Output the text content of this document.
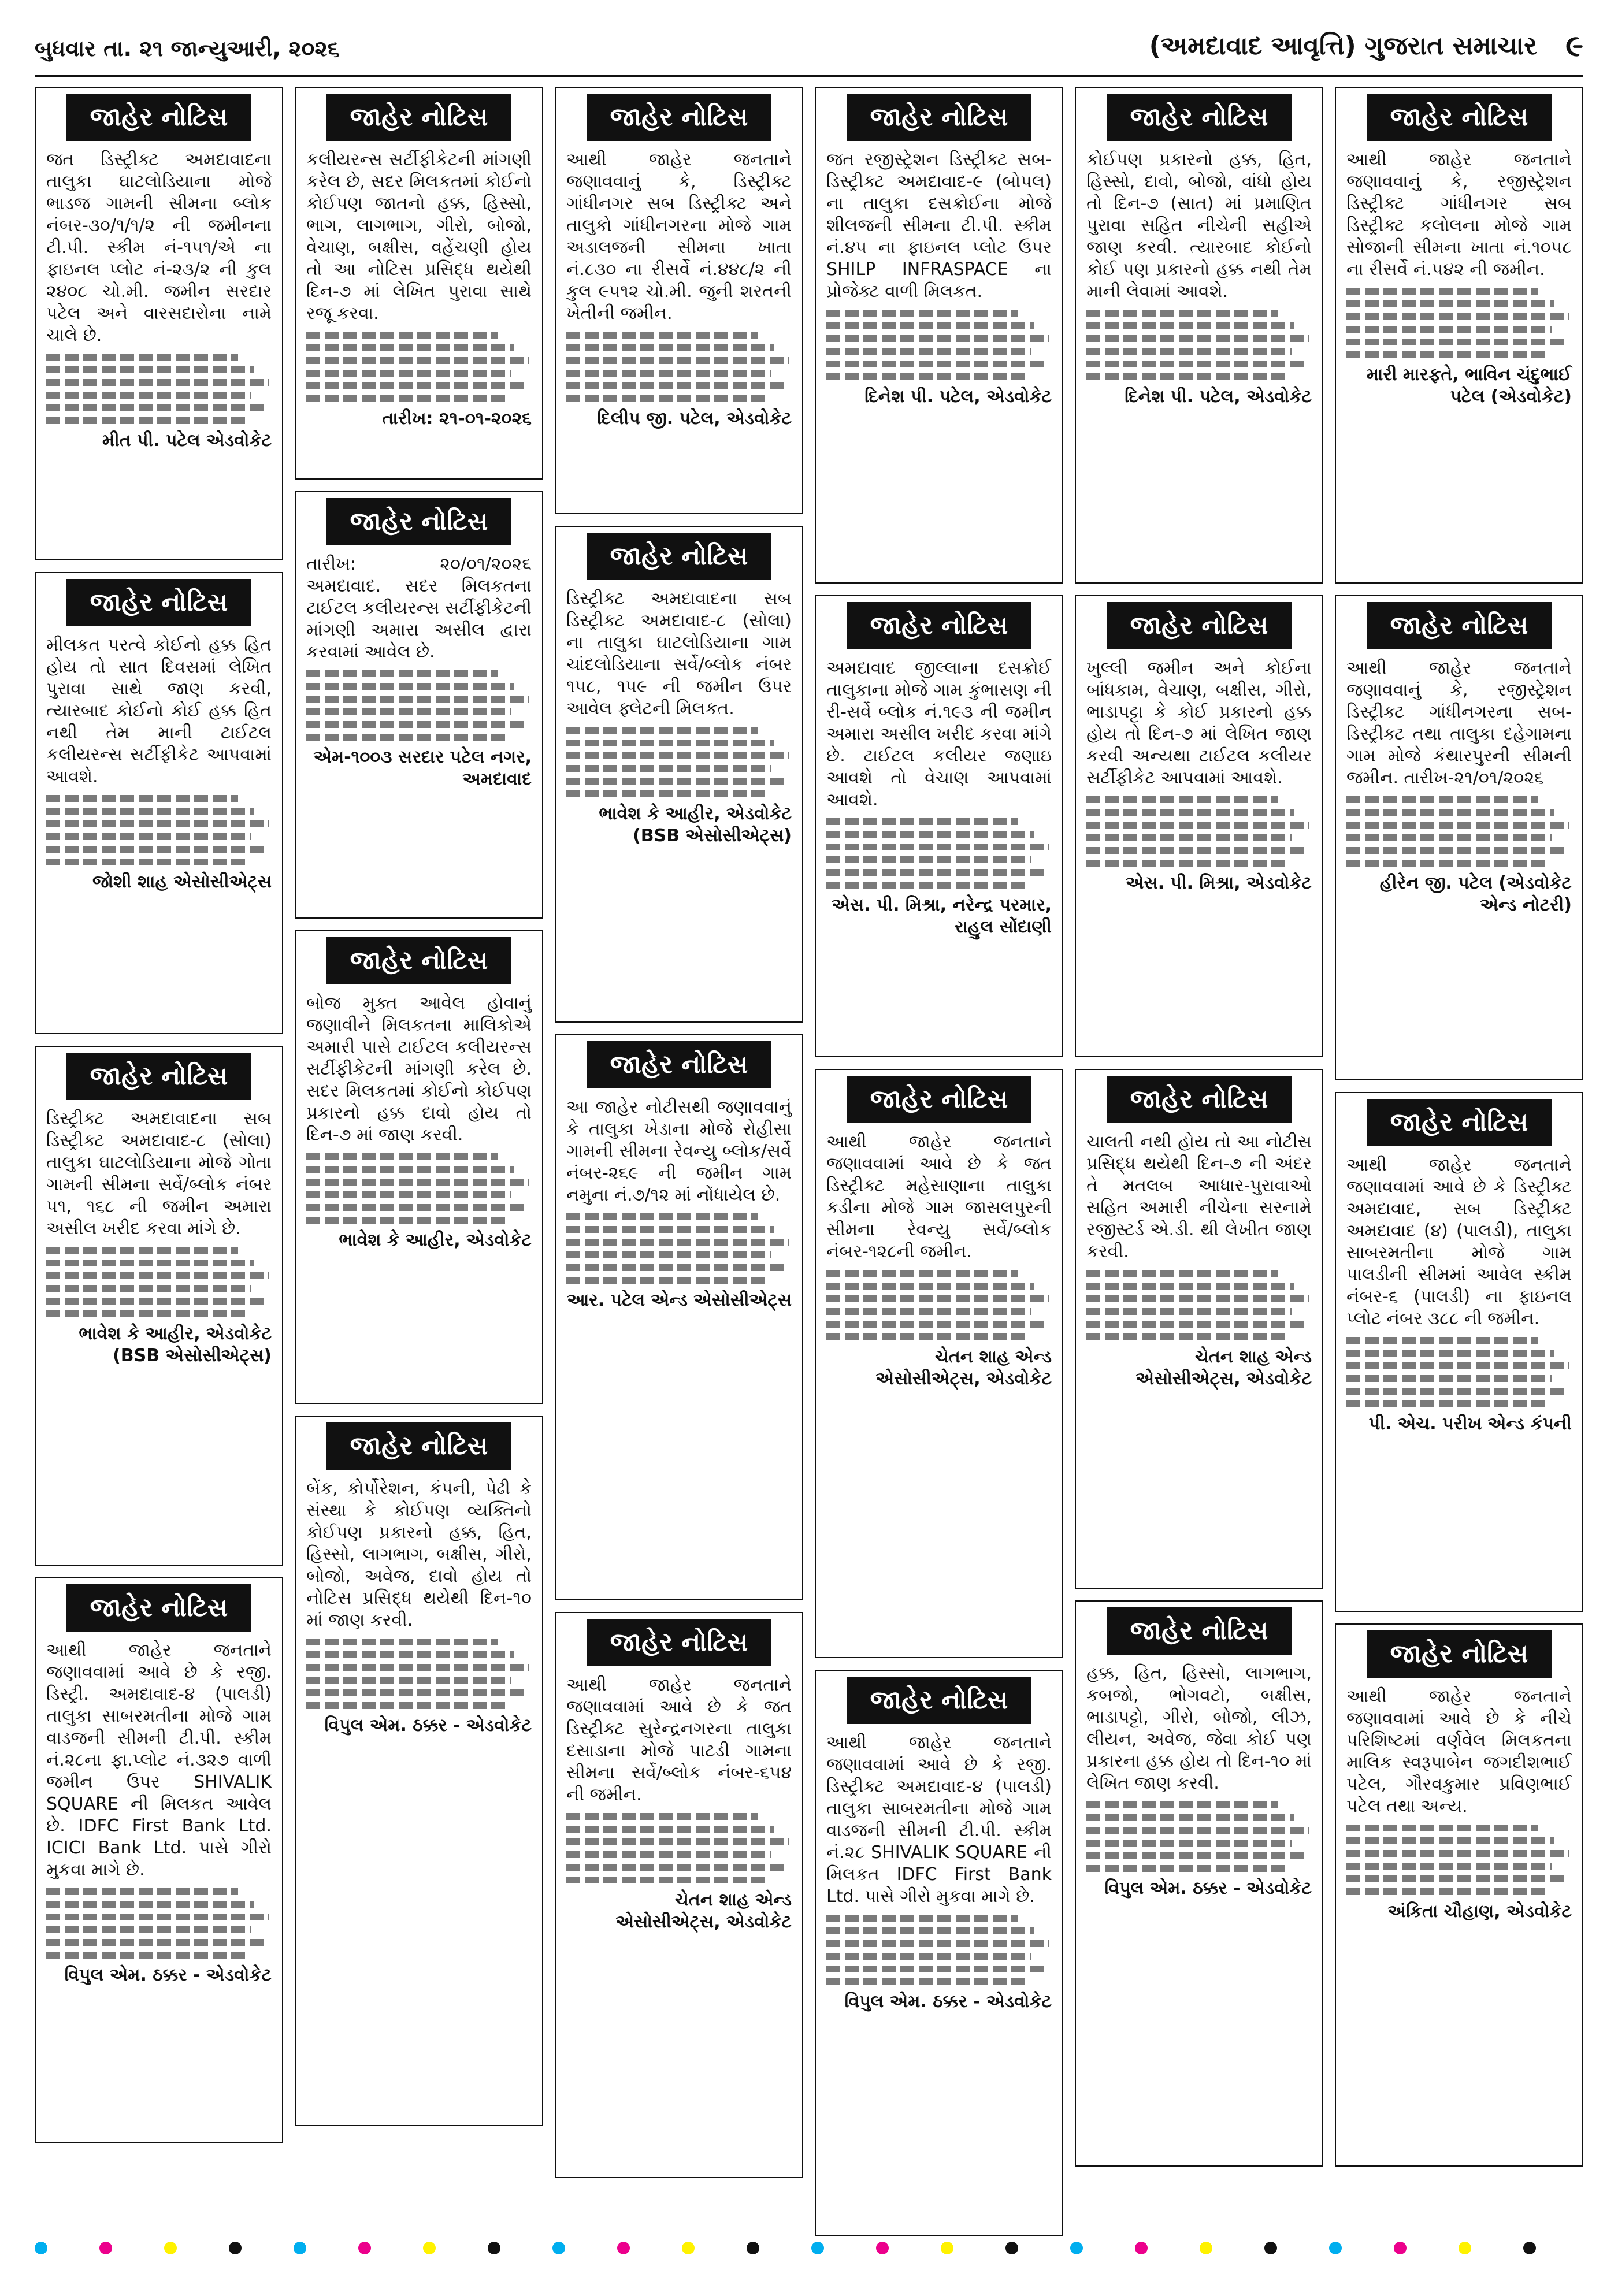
બુધવાર તા. ૨૧ જાન્યુઆરી, ૨૦૨૬	(અમદાવાદ આવૃત્તિ) ગુજરાત સમાચાર ૯
જાહેર નોટિસ

જત ડિસ્ટ્રીક્ટ અમદાવાદના તાલુકા ઘાટલોડિયાના મોજે ભાડજ ગામની સીમના બ્લોક નંબર-૩૦/૧/૧/૨ ની જમીનના ટી.પી. સ્કીમ નં-૧૫૧/એ ના ફાઇનલ પ્લોટ નં-૨૩/૨ ની કુલ ૨૪૦૮ ચો.મી. જમીન સરદાર પટેલ અને વારસદારોના નામે ચાલે છે.

મીત પી. પટેલ એડવોકેટ
જાહેર નોટિસ

મીલકત પરત્વે કોઈનો હક્ક હિત હોય તો સાત દિવસમાં લેખિત પુરાવા સાથે જાણ કરવી, ત્યારબાદ કોઈનો કોઈ હક્ક હિત નથી તેમ માની ટાઈટલ કલીયરન્સ સર્ટીફીકેટ આપવામાં આવશે.

જોશી શાહ એસોસીએટ્સ
જાહેર નોટિસ

ડિસ્ટ્રીક્ટ અમદાવાદના સબ ડિસ્ટ્રીક્ટ અમદાવાદ-૮ (સોલા) તાલુકા ઘાટલોડિયાના મોજે ગોતા ગામની સીમના સર્વે/બ્લોક નંબર ૫૧, ૧૬૮ ની જમીન અમારા અસીલ ખરીદ કરવા માંગે છે.

ભાવેશ કે આહીર, એડવોકેટ (BSB એસોસીએટ્સ)
જાહેર નોટિસ

આથી જાહેર જનતાને જણાવવામાં આવે છે કે રજી. ડિસ્ટ્રી. અમદાવાદ-૪ (પાલડી) તાલુકા સાબરમતીના મોજે ગામ વાડજની સીમની ટી.પી. સ્કીમ નં.૨૮ના ફા.પ્લોટ નં.૩૨૭ વાળી જમીન ઉપર SHIVALIK SQUARE ની મિલકત આવેલ છે. IDFC First Bank Ltd. ICICI Bank Ltd. પાસે ગીરો મુકવા માગે છે.

વિપુલ એમ. ઠક્કર - એડવોકેટ
જાહેર નોટિસ

કલીયરન્સ સર્ટીફીકેટની માંગણી કરેલ છે, સદર મિલકતમાં કોઈનો કોઈપણ જાતનો હક્ક, હિસ્સો, ભાગ, લાગભાગ, ગીરો, બોજો, વેચાણ, બક્ષીસ, વહેંચણી હોય તો આ નોટિસ પ્રસિદ્ધ થયેથી દિન-૭ માં લેખિત પુરાવા સાથે રજૂ કરવા.

તારીખ: ૨૧-૦૧-૨૦૨૬
જાહેર નોટિસ

તારીખ: ૨૦/૦૧/૨૦૨૬ અમદાવાદ. સદર મિલકતના ટાઈટલ કલીયરન્સ સર્ટીફીકેટની માંગણી અમારા અસીલ દ્વારા કરવામાં આવેલ છે.

એમ-૧૦૦૩ સરદાર પટેલ નગર, અમદાવાદ
જાહેર નોટિસ

બોજ મુક્ત આવેલ હોવાનું જણાવીને મિલકતના માલિકોએ અમારી પાસે ટાઈટલ કલીયરન્સ સર્ટીફીકેટની માંગણી કરેલ છે. સદર મિલકતમાં કોઈનો કોઈપણ પ્રકારનો હક્ક દાવો હોય તો દિન-૭ માં જાણ કરવી.

ભાવેશ કે આહીર, એડવોકેટ
જાહેર નોટિસ

બેંક, કોર્પોરેશન, કંપની, પેઢી કે સંસ્થા કે કોઈપણ વ્યક્તિનો કોઈપણ પ્રકારનો હક્ક, હિત, હિસ્સો, લાગભાગ, બક્ષીસ, ગીરો, બોજો, અવેજ, દાવો હોય તો નોટિસ પ્રસિદ્ધ થયેથી દિન-૧૦ માં જાણ કરવી.

વિપુલ એમ. ઠક્કર - એડવોકેટ
જાહેર નોટિસ

આથી જાહેર જનતાને જણાવવાનું કે, ડિસ્ટ્રીક્ટ ગાંધીનગર સબ ડિસ્ટ્રીક્ટ અને તાલુકો ગાંધીનગરના મોજે ગામ અડાલજની સીમના ખાતા નં.૮૩૦ ના રીસર્વે નં.૪૪૮/૨ ની કુલ ૯૫૧૨ ચો.મી. જુની શરતની ખેતીની જમીન.

દિલીપ જી. પટેલ, એડવોકેટ
જાહેર નોટિસ

ડિસ્ટ્રીક્ટ અમદાવાદના સબ ડિસ્ટ્રીક્ટ અમદાવાદ-૮ (સોલા) ના તાલુકા ઘાટલોડિયાના ગામ ચાંદલોડિયાના સર્વે/બ્લોક નંબર ૧૫૮, ૧૫૯ ની જમીન ઉપર આવેલ ફ્લેટની મિલકત.

ભાવેશ કે આહીર, એડવોકેટ (BSB એસોસીએટ્સ)
જાહેર નોટિસ

આ જાહેર નોટીસથી જણાવવાનું કે તાલુકા ખેડાના મોજે રોહીસા ગામની સીમના રેવન્યુ બ્લોક/સર્વે નંબર-૨૬૯ ની જમીન ગામ નમુના નં.૭/૧૨ માં નોંધાયેલ છે.

આર. પટેલ એન્ડ એસોસીએટ્સ
જાહેર નોટિસ

આથી જાહેર જનતાને જણાવવામાં આવે છે કે જત ડિસ્ટ્રીક્ટ સુરેન્દ્રનગરના તાલુકા દસાડાના મોજે પાટડી ગામના સીમના સર્વે/બ્લોક નંબર-૬૫૪ ની જમીન.

ચેતન શાહ એન્ડ એસોસીએટ્સ, એડવોકેટ
જાહેર નોટિસ

જત રજીસ્ટ્રેશન ડિસ્ટ્રીક્ટ સબ-ડિસ્ટ્રીક્ટ અમદાવાદ-૯ (બોપલ) ના તાલુકા દસક્રોઈના મોજે શીલજની સીમના ટી.પી. સ્કીમ નં.૪૫ ના ફાઇનલ પ્લોટ ઉપર SHILP INFRASPACE ના પ્રોજેક્ટ વાળી મિલકત.

દિનેશ પી. પટેલ, એડવોકેટ
જાહેર નોટિસ

અમદાવાદ જીલ્લાના દસક્રોઈ તાલુકાના મોજે ગામ કુંભાસણ ની રી-સર્વે બ્લોક નં.૧૯૩ ની જમીન અમારા અસીલ ખરીદ કરવા માંગે છે. ટાઈટલ કલીયર જણાઇ આવશે તો વેચાણ આપવામાં આવશે.

એસ. પી. મિશ્રા, નરેન્દ્ર પરમાર, રાહુલ સોંદાણી
જાહેર નોટિસ

આથી જાહેર જનતાને જણાવવામાં આવે છે કે જત ડિસ્ટ્રીક્ટ મહેસાણાના તાલુકા કડીના મોજે ગામ જાસલપુરની સીમના રેવન્યુ સર્વે/બ્લોક નંબર-૧૨૮ની જમીન.

ચેતન શાહ એન્ડ એસોસીએટ્સ, એડવોકેટ
જાહેર નોટિસ

આથી જાહેર જનતાને જણાવવામાં આવે છે કે રજી. ડિસ્ટ્રીક્ટ અમદાવાદ-૪ (પાલડી) તાલુકા સાબરમતીના મોજે ગામ વાડજની સીમની ટી.પી. સ્કીમ નં.૨૮ SHIVALIK SQUARE ની મિલકત IDFC First Bank Ltd. પાસે ગીરો મુકવા માગે છે.

વિપુલ એમ. ઠક્કર - એડવોકેટ
જાહેર નોટિસ

કોઈપણ પ્રકારનો હક્ક, હિત, હિસ્સો, દાવો, બોજો, વાંધો હોય તો દિન-૭ (સાત) માં પ્રમાણિત પુરાવા સહિત નીચેની સહીએ જાણ કરવી. ત્યારબાદ કોઈનો કોઈ પણ પ્રકારનો હક્ક નથી તેમ માની લેવામાં આવશે.

દિનેશ પી. પટેલ, એડવોકેટ
જાહેર નોટિસ

ખુલ્લી જમીન અને કોઈના બાંધકામ, વેચાણ, બક્ષીસ, ગીરો, ભાડાપટ્ટા કે કોઈ પ્રકારનો હક્ક હોય તો દિન-૭ માં લેખિત જાણ કરવી અન્યથા ટાઈટલ કલીયર સર્ટીફીકેટ આપવામાં આવશે.

એસ. પી. મિશ્રા, એડવોકેટ
જાહેર નોટિસ

ચાલતી નથી હોય તો આ નોટીસ પ્રસિદ્ધ થયેથી દિન-૭ ની અંદર તે મતલબ આધાર-પુરાવાઓ સહિત અમારી નીચેના સરનામે રજીસ્ટર્ડ એ.ડી. થી લેખીત જાણ કરવી.

ચેતન શાહ એન્ડ એસોસીએટ્સ, એડવોકેટ
જાહેર નોટિસ

હક્ક, હિત, હિસ્સો, લાગભાગ, કબજો, ભોગવટો, બક્ષીસ, ભાડાપટ્ટો, ગીરો, બોજો, લીઝ, લીયન, અવેજ, જેવા કોઈ પણ પ્રકારના હક્ક હોય તો દિન-૧૦ માં લેખિત જાણ કરવી.

વિપુલ એમ. ઠક્કર - એડવોકેટ
જાહેર નોટિસ

આથી જાહેર જનતાને જણાવવાનું કે, રજીસ્ટ્રેશન ડિસ્ટ્રીક્ટ ગાંધીનગર સબ ડિસ્ટ્રીક્ટ કલોલના મોજે ગામ સોજાની સીમના ખાતા નં.૧૦૫૮ ના રીસર્વે નં.૫૪૨ ની જમીન.

મારી મારફતે, ભાવિન ચંદુભાઈ પટેલ (એડવોકેટ)
જાહેર નોટિસ

આથી જાહેર જનતાને જણાવવાનું કે, રજીસ્ટ્રેશન ડિસ્ટ્રીક્ટ ગાંધીનગરના સબ-ડિસ્ટ્રીક્ટ તથા તાલુકા દહેગામના ગામ મોજે કંથારપુરની સીમની જમીન. તારીખ-૨૧/૦૧/૨૦૨૬

હીરેન જી. પટેલ (એડવોકેટ એન્ડ નોટરી)
જાહેર નોટિસ

આથી જાહેર જનતાને જણાવવામાં આવે છે કે ડિસ્ટ્રીક્ટ અમદાવાદ, સબ ડિસ્ટ્રીક્ટ અમદાવાદ (૪) (પાલડી), તાલુકા સાબરમતીના મોજે ગામ પાલડીની સીમમાં આવેલ સ્કીમ નંબર-૬ (પાલડી) ના ફાઇનલ પ્લોટ નંબર ૩૮૮ ની જમીન.

પી. એચ. પરીખ એન્ડ કંપની
જાહેર નોટિસ

આથી જાહેર જનતાને જણાવવામાં આવે છે કે નીચે પરિશિષ્ટમાં વર્ણવેલ મિલકતના માલિક સ્વરૂપાબેન જગદીશભાઈ પટેલ, ગૌરવકુમાર પ્રવિણભાઈ પટેલ તથા અન્ય.

અંકિતા ચૌહાણ, એડવોકેટ
